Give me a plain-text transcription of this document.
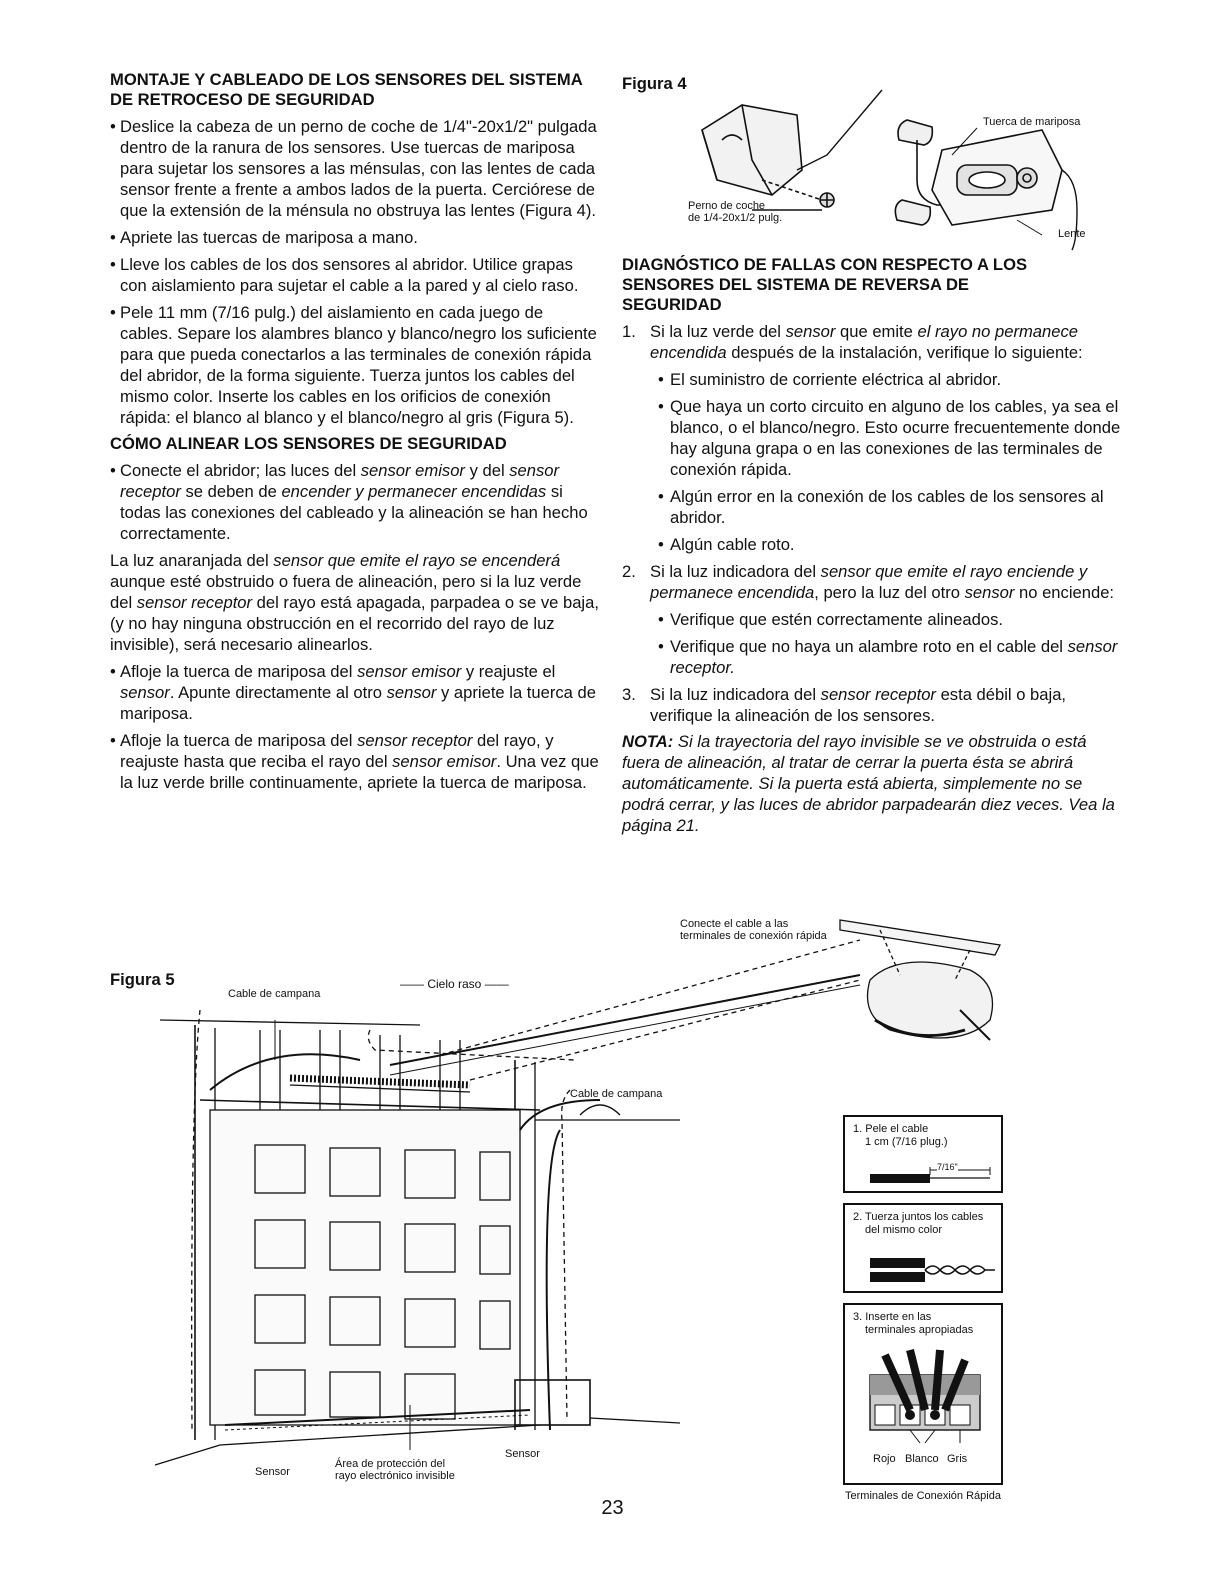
MONTAJE Y CABLEADO DE LOS SENSORES DEL SISTEMA DE RETROCESO DE SEGURIDAD
• Deslice la cabeza de un perno de coche de 1/4"-20x1/2" pulgada dentro de la ranura de los sensores. Use tuercas de mariposa para sujetar los sensores a las ménsulas, con las lentes de cada sensor frente a frente a ambos lados de la puerta. Cerciórese de que la extensión de la ménsula no obstruya las lentes (Figura 4).
• Apriete las tuercas de mariposa a mano.
• Lleve los cables de los dos sensores al abridor. Utilice grapas con aislamiento para sujetar el cable a la pared y al cielo raso.
• Pele 11 mm (7/16 pulg.) del aislamiento en cada juego de cables. Separe los alambres blanco y blanco/negro los suficiente para que pueda conectarlos a las terminales de conexión rápida del abridor, de la forma siguiente. Tuerza juntos los cables del mismo color. Inserte los cables en los orificios de conexión rápida: el blanco al blanco y el blanco/negro al gris (Figura 5).
CÓMO ALINEAR LOS SENSORES DE SEGURIDAD
• Conecte el abridor; las luces del sensor emisor y del sensor receptor se deben de encender y permanecer encendidas si todas las conexiones del cableado y la alineación se han hecho correctamente.

La luz anaranjada del sensor que emite el rayo se encenderá aunque esté obstruido o fuera de alineación, pero si la luz verde del sensor receptor del rayo está apagada, parpadea o se ve baja, (y no hay ninguna obstrucción en el recorrido del rayo de luz invisible), será necesario alinearlos.

• Afloje la tuerca de mariposa del sensor emisor y reajuste el sensor. Apunte directamente al otro sensor y apriete la tuerca de mariposa.
• Afloje la tuerca de mariposa del sensor receptor del rayo, y reajuste hasta que reciba el rayo del sensor emisor. Una vez que la luz verde brille continuamente, apriete la tuerca de mariposa.
Figura 4
Tuerca de mariposa
Perno de coche
de 1/4-20x1/2 pulg.
Lente
DIAGNÓSTICO DE FALLAS CON RESPECTO A LOS SENSORES DEL SISTEMA DE REVERSA DE SEGURIDAD
1. Si la luz verde del sensor que emite el rayo no permanece encendida después de la instalación, verifique lo siguiente:
• El suministro de corriente eléctrica al abridor.
• Que haya un corto circuito en alguno de los cables, ya sea el blanco, o el blanco/negro. Esto ocurre frecuentemente donde hay alguna grapa o en las conexiones de las terminales de conexión rápida.
• Algún error en la conexión de los cables de los sensores al abridor.
• Algún cable roto.
2. Si la luz indicadora del sensor que emite el rayo enciende y permanece encendida, pero la luz del otro sensor no enciende:
• Verifique que estén correctamente alineados.
• Verifique que no haya un alambre roto en el cable del sensor receptor.
3. Si la luz indicadora del sensor receptor esta débil o baja, verifique la alineación de los sensores.

NOTA: Si la trayectoria del rayo invisible se ve obstruida o está fuera de alineación, al tratar de cerrar la puerta ésta se abrirá automáticamente. Si la puerta está abierta, simplemente no se podrá cerrar, y las luces de abridor parpadearán diez veces. Vea la página 21.

Figura 5
Cable de campana
—— Cielo raso ——
Conecte el cable a las
terminales de conexión rápida
Cable de campana
Sensor
Sensor
Área de protección del
rayo electrónico invisible
1. Pele el cable
1 cm (7/16 plug.)
7/16"
2. Tuerza juntos los cables
del mismo color
3. Inserte en las
terminales apropiadas
Rojo Blanco Gris
Terminales de Conexión Rápida
23
